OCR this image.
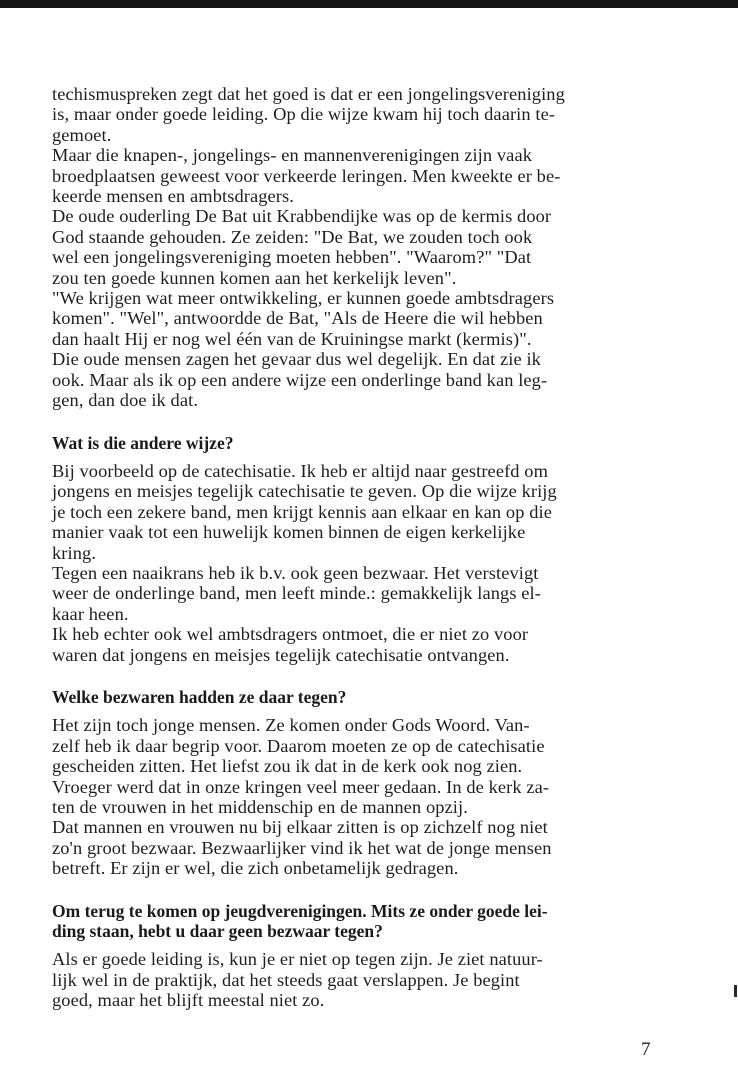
techismuspreken zegt dat het goed is dat er een jongelingsvereniging

is, maar onder goede leiding. Op die wijze kwam hij toch daarin te-

gemoet.

Maar die knapen-, jongelings- en mannenverenigingen zijn vaak

broedplaatsen geweest voor verkeerde leringen. Men kweekte er be-

keerde mensen en ambtsdragers.

De oude ouderling De Bat uit Krabbendijke was op de kermis door

God staande gehouden. Ze zeiden: "De Bat, we zouden toch ook

wel een jongelingsvereniging moeten hebben". "Waarom?" "Dat

zou ten goede kunnen komen aan het kerkelijk leven".

"We krijgen wat meer ontwikkeling, er kunnen goede ambtsdragers

komen". "Wel", antwoordde de Bat, "Als de Heere die wil hebben

dan haalt Hij er nog wel één van de Kruiningse markt (kermis)".

Die oude mensen zagen het gevaar dus wel degelijk. En dat zie ik

ook. Maar als ik op een andere wijze een onderlinge band kan leg-

gen, dan doe ik dat.

Wat is die andere wijze?

Bij voorbeeld op de catechisatie. Ik heb er altijd naar gestreefd om

jongens en meisjes tegelijk catechisatie te geven. Op die wijze krijg

je toch een zekere band, men krijgt kennis aan elkaar en kan op die

manier vaak tot een huwelijk komen binnen de eigen kerkelijke

kring.

Tegen een naaikrans heb ik b.v. ook geen bezwaar. Het verstevigt

weer de onderlinge band, men leeft minde.: gemakkelijk langs el-

kaar heen.

Ik heb echter ook wel ambtsdragers ontmoet, die er niet zo voor

waren dat jongens en meisjes tegelijk catechisatie ontvangen.

Welke bezwaren hadden ze daar tegen?

Het zijn toch jonge mensen. Ze komen onder Gods Woord. Van-

zelf heb ik daar begrip voor. Daarom moeten ze op de catechisatie

gescheiden zitten. Het liefst zou ik dat in de kerk ook nog zien.

Vroeger werd dat in onze kringen veel meer gedaan. In de kerk za-

ten de vrouwen in het middenschip en de mannen opzij.

Dat mannen en vrouwen nu bij elkaar zitten is op zichzelf nog niet

zo'n groot bezwaar. Bezwaarlijker vind ik het wat de jonge mensen

betreft. Er zijn er wel, die zich onbetamelijk gedragen.

Om terug te komen op jeugdverenigingen. Mits ze onder goede lei-

ding staan, hebt u daar geen bezwaar tegen?

Als er goede leiding is, kun je er niet op tegen zijn. Je ziet natuur-

lijk wel in de praktijk, dat het steeds gaat verslappen. Je begint

goed, maar het blijft meestal niet zo.

7
